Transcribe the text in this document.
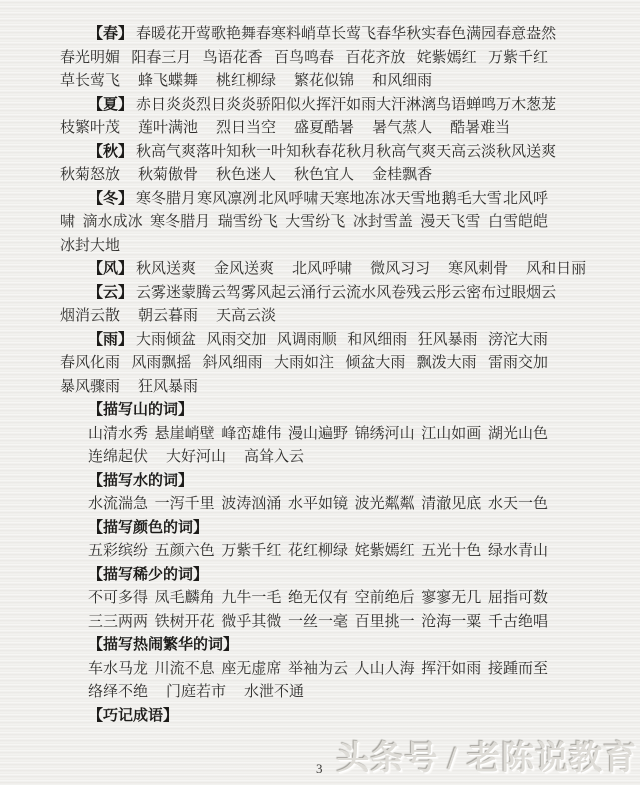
【春】 春暖花开 莺歌艳舞 春寒料峭 草长莺飞 春华秋实 春色满园 春意盎然
春光明媚 阳春三月 鸟语花香 百鸟鸣春 百花齐放 姹紫嫣红 万紫千红
草长莺飞 蜂飞蝶舞 桃红柳绿 繁花似锦 和风细雨
【夏】 赤日炎炎 烈日炎炎 骄阳似火 挥汗如雨 大汗淋漓 鸟语蝉鸣 万木葱茏
枝繁叶茂 莲叶满池 烈日当空 盛夏酷暑 暑气蒸人 酷暑难当
【秋】 秋高气爽 落叶知秋 一叶知秋 春花秋月 秋高气爽 天高云淡 秋风送爽
秋菊怒放 秋菊傲骨 秋色迷人 秋色宜人 金桂飘香
【冬】 寒冬腊月 寒风凛冽 北风呼啸 天寒地冻 冰天雪地 鹅毛大雪 北风呼
啸 滴水成冰 寒冬腊月 瑞雪纷飞 大雪纷飞 冰封雪盖 漫天飞雪 白雪皑皑
冰封大地
【风】 秋风送爽 金风送爽 北风呼啸 微风习习 寒风刺骨 风和日丽
【云】 云雾迷蒙 腾云驾雾 风起云涌 行云流水 风卷残云 彤云密布 过眼烟云
烟消云散 朝云暮雨 天高云淡
【雨】 大雨倾盆 风雨交加 风调雨顺 和风细雨 狂风暴雨 滂沱大雨
春风化雨 风雨飘摇 斜风细雨 大雨如注 倾盆大雨 飘泼大雨 雷雨交加
暴风骤雨 狂风暴雨
【描写山的词】
山清水秀 悬崖峭壁 峰峦雄伟 漫山遍野 锦绣河山 江山如画 湖光山色
连绵起伏 大好河山 高耸入云
【描写水的词】
水流湍急 一泻千里 波涛汹涌 水平如镜 波光粼粼 清澈见底 水天一色
【描写颜色的词】
五彩缤纷 五颜六色 万紫千红 花红柳绿 姹紫嫣红 五光十色 绿水青山
【描写稀少的词】
不可多得 凤毛麟角 九牛一毛 绝无仅有 空前绝后 寥寥无几 屈指可数
三三两两 铁树开花 微乎其微 一丝一毫 百里挑一 沧海一粟 千古绝唱
【描写热闹繁华的词】
车水马龙 川流不息 座无虚席 举袖为云 人山人海 挥汗如雨 接踵而至
络绎不绝 门庭若市 水泄不通
【巧记成语】
头条号 / 老陈说教育
3
